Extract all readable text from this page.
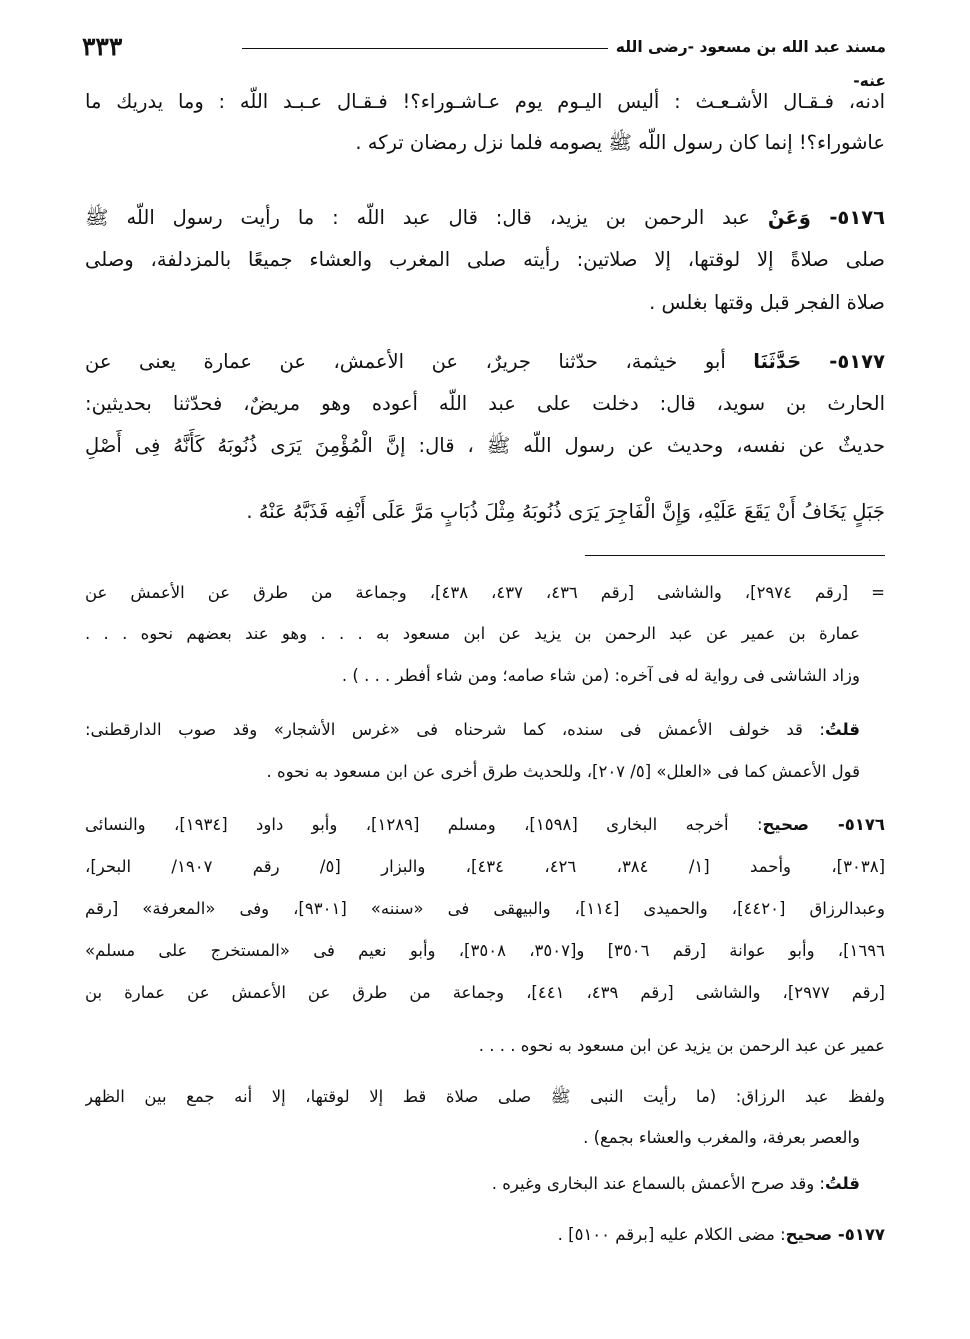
٣٣٣	مسند عبد الله بن مسعود -رضى الله عنه-
ادنه، فـقـال الأشـعـث : أليس اليـوم يوم عـاشـوراء؟! فـقـال عـبـد اللّه : وما يدريك ما
عاشوراء؟! إنما كان رسول اللّه ﷺ يصومه فلما نزل رمضان تركه .
٥١٧٦- وَعَنْ عبد الرحمن بن يزيد، قال: قال عبد اللّه : ما رأيت رسول اللّه ﷺ
صلى صلاةً إلا لوقتها، إلا صلاتين: رأيته صلى المغرب والعشاء جميعًا بالمزدلفة، وصلى
صلاة الفجر قبل وقتها بغلس .
٥١٧٧- حَدَّثَنَا أبو خيثمة، حدّثنا جريرٌ، عن الأعمش، عن عمارة يعنى عن
الحارث بن سويد، قال: دخلت على عبد اللّه أعوده وهو مريضٌ، فحدّثنا بحديثين:
حديثٌ عن نفسه، وحديث عن رسول اللّه ﷺ ، قال: إنَّ الْمُؤْمِنَ يَرَى ذُنُوبَهُ كَأَنَّهُ فِى أَصْلِ
جَبَلٍ يَخَافُ أَنْ يَقَعَ عَلَيْهِ، وَإِنَّ الْفَاجِرَ يَرَى ذُنُوبَهُ مِثْلَ ذُبَابٍ مَرَّ عَلَى أَنْفِه فَذَبَّهُ عَنْهُ .
= [رقم ٢٩٧٤]، والشاشى [رقم ٤٣٦، ٤٣٧، ٤٣٨]، وجماعة من طرق عن الأعمش عن
عمارة بن عمير عن عبد الرحمن بن يزيد عن ابن مسعود به . . . وهو عند بعضهم نحوه . . .
وزاد الشاشى فى رواية له فى آخره: (من شاء صامه؛ ومن شاء أفطر . . . ) .
قلتُ: قد خولف الأعمش فى سنده، كما شرحناه فى «غرس الأشجار» وقد صوب الدارقطنى:
قول الأعمش كما فى «العلل» [٥/ ٢٠٧]، وللحديث طرق أخرى عن ابن مسعود به نحوه .
٥١٧٦- صحيح: أخرجه البخارى [١٥٩٨]، ومسلم [١٢٨٩]، وأبو داود [١٩٣٤]، والنسائى
[٣٠٣٨]، وأحمد [١/ ٣٨٤، ٤٢٦، ٤٣٤]، والبزار [٥/ رقم ١٩٠٧/ البحر]،
وعبدالرزاق [٤٤٢٠]، والحميدى [١١٤]، والبيهقى فى «سننه» [٩٣٠١]، وفى «المعرفة» [رقم
١٦٩٦]، وأبو عوانة [رقم ٣٥٠٦] و[٣٥٠٧، ٣٥٠٨]، وأبو نعيم فى «المستخرج على مسلم»
[رقم ٢٩٧٧]، والشاشى [رقم ٤٣٩، ٤٤١]، وجماعة من طرق عن الأعمش عن عمارة بن
عمير عن عبد الرحمن بن يزيد عن ابن مسعود به نحوه . . . .
ولفظ عبد الرزاق: (ما رأيت النبى ﷺ صلى صلاة قط إلا لوقتها، إلا أنه جمع بين الظهر
والعصر بعرفة، والمغرب والعشاء بجمع) .
قلتُ: وقد صرح الأعمش بالسماع عند البخارى وغيره .
٥١٧٧- صحيح: مضى الكلام عليه [برقم ٥١٠٠] .
